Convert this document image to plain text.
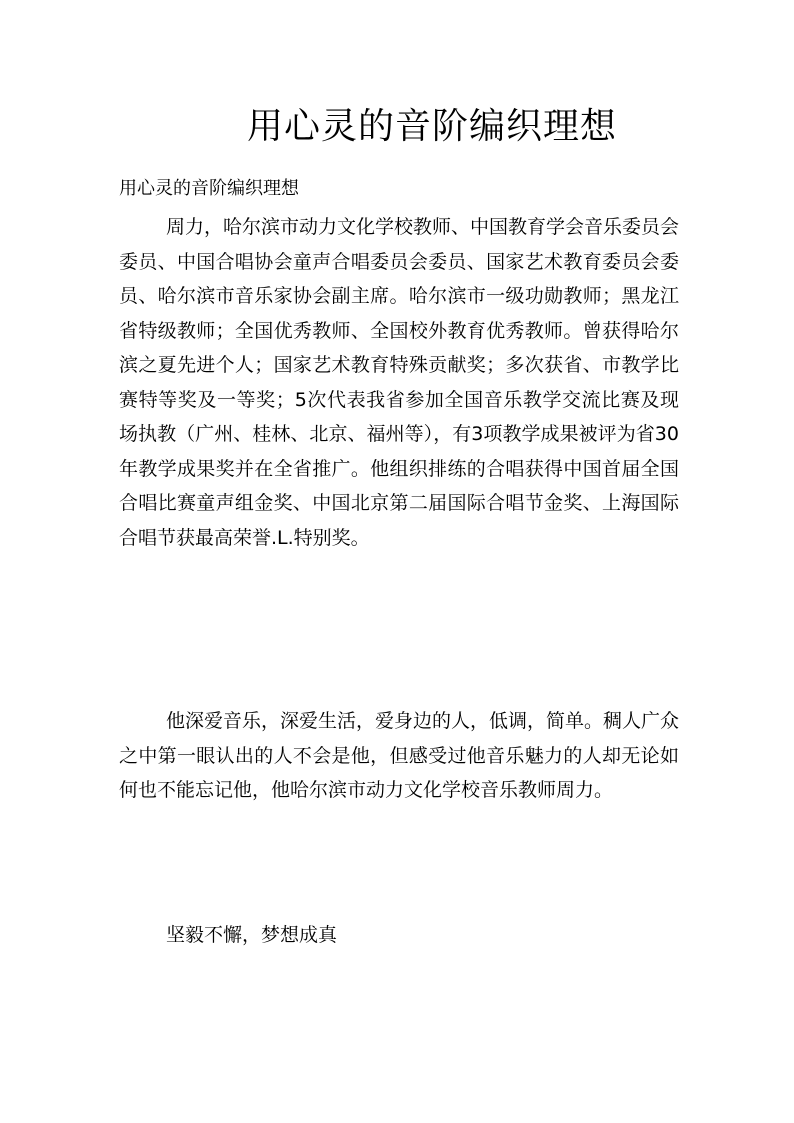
用心灵的音阶编织理想

用心灵的音阶编织理想

周力，哈尔滨市动力文化学校教师、中国教育学会音乐委员会委员、中国合唱协会童声合唱委员会委员、国家艺术教育委员会委员、哈尔滨市音乐家协会副主席。哈尔滨市一级功勋教师；黑龙江省特级教师；全国优秀教师、全国校外教育优秀教师。曾获得哈尔滨之夏先进个人；国家艺术教育特殊贡献奖；多次获省、市教学比赛特等奖及一等奖；5次代表我省参加全国音乐教学交流比赛及现场执教（广州、桂林、北京、福州等），有3项教学成果被评为省30年教学成果奖并在全省推广。他组织排练的合唱获得中国首届全国合唱比赛童声组金奖、中国北京第二届国际合唱节金奖、上海国际合唱节获最高荣誉.L.特别奖。

他深爱音乐，深爱生活，爱身边的人，低调，简单。稠人广众之中第一眼认出的人不会是他，但感受过他音乐魅力的人却无论如何也不能忘记他，他哈尔滨市动力文化学校音乐教师周力。

坚毅不懈，梦想成真
